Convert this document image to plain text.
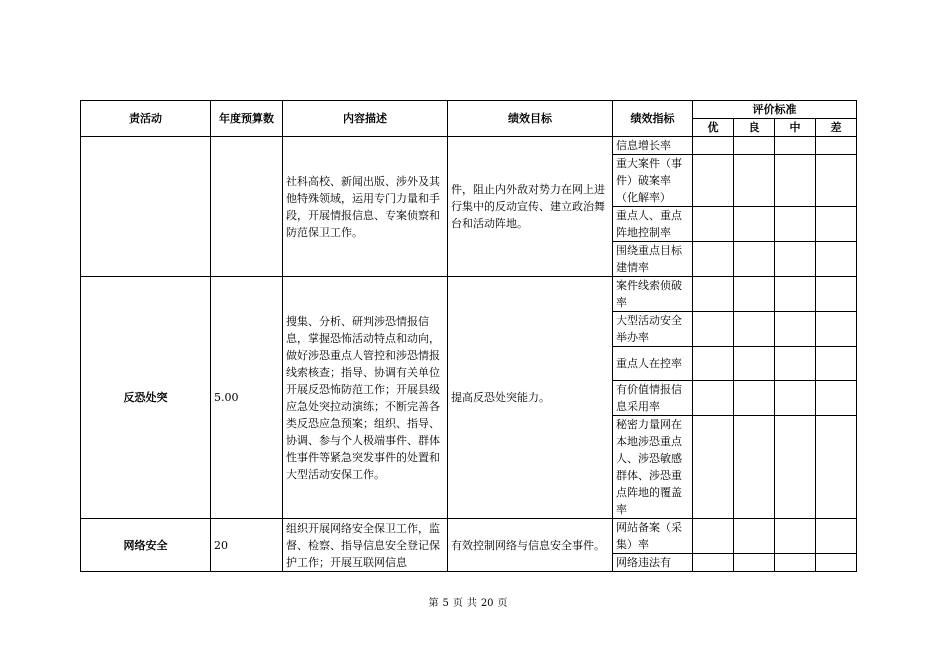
责活动	年度预算数	内容描述	绩效目标	绩效指标	评价标准			
					优	良	中	差
		社科高校、新闻出版、涉外及其他特殊领域，运用专门力量和手段，开展情报信息、专案侦察和防范保卫工作。	件，阻止内外敌对势力在网上进行集中的反动宣传、建立政治舞台和活动阵地。	信息增长率				
				重大案件（事件）破案率（化解率）				
				重点人、重点阵地控制率				
				围绕重点目标建情率				
反恐处突	5.00	搜集、分析、研判涉恐情报信息，掌握恐怖活动特点和动向，做好涉恐重点人管控和涉恐情报线索核查；指导、协调有关单位开展反恐怖防范工作；开展县级应急处突拉动演练；不断完善各类反恐应急预案；组织、指导、协调、参与个人极端事件、群体性事件等紧急突发事件的处置和大型活动安保工作。	提高反恐处突能力。	案件线索侦破率				
				大型活动安全举办率				
				重点人在控率				
				有价值情报信息采用率				
				秘密力量网在本地涉恐重点人、涉恐敏感群体、涉恐重点阵地的覆盖率				
网络安全	20	组织开展网络安全保卫工作，监督、检察、指导信息安全登记保护工作；开展互联网信息	有效控制网络与信息安全事件。	网站备案（采集）率				
				网络违法有				
第 5 页 共 20 页
